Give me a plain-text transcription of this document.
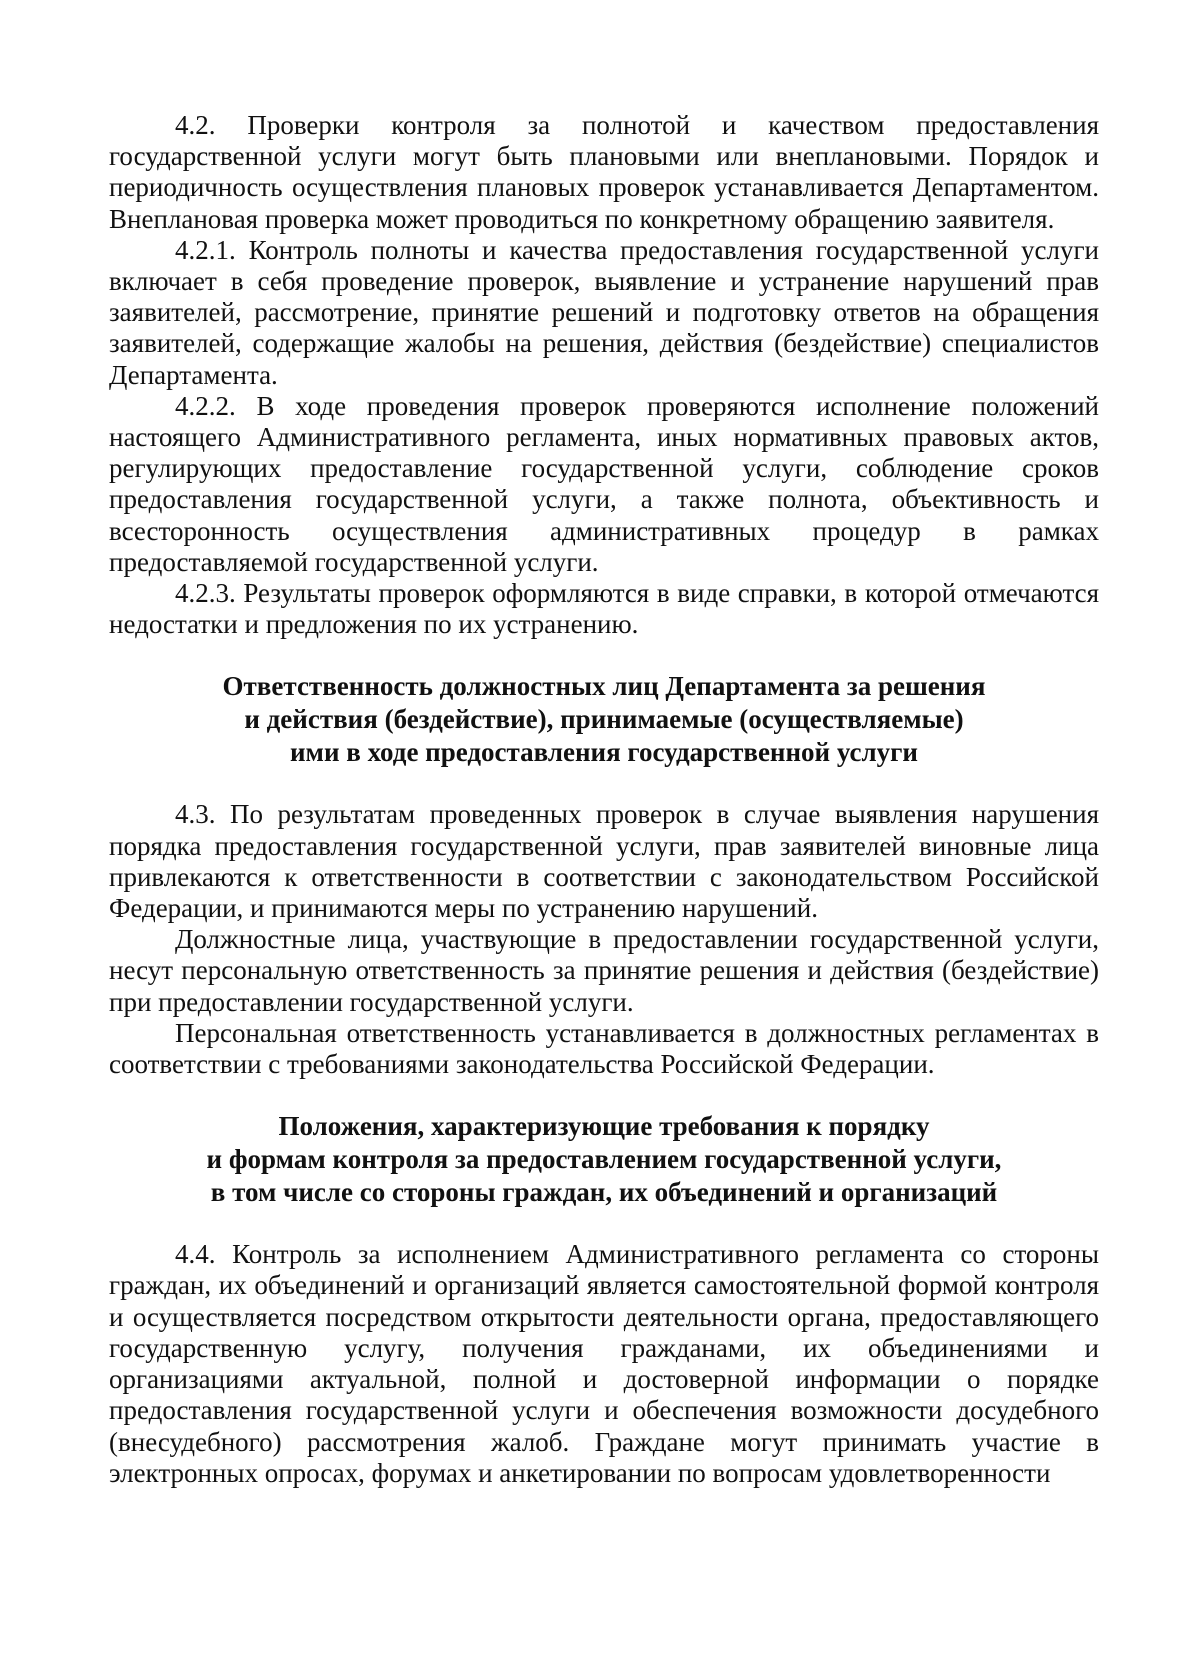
4.2. Проверки контроля за полнотой и качеством предоставления государственной услуги могут быть плановыми или внеплановыми. Порядок и периодичность осуществления плановых проверок устанавливается Департаментом. Внеплановая проверка может проводиться по конкретному обращению заявителя.

4.2.1. Контроль полноты и качества предоставления государственной услуги включает в себя проведение проверок, выявление и устранение нарушений прав заявителей, рассмотрение, принятие решений и подготовку ответов на обращения заявителей, содержащие жалобы на решения, действия (бездействие) специалистов Департамента.

4.2.2. В ходе проведения проверок проверяются исполнение положений настоящего Административного регламента, иных нормативных правовых актов, регулирующих предоставление государственной услуги, соблюдение сроков предоставления государственной услуги, а также полнота, объективность и всесторонность осуществления административных процедур в рамках предоставляемой государственной услуги.

4.2.3. Результаты проверок оформляются в виде справки, в которой отмечаются недостатки и предложения по их устранению.

Ответственность должностных лиц Департамента за решения
и действия (бездействие), принимаемые (осуществляемые)
ими в ходе предоставления государственной услуги

4.3. По результатам проведенных проверок в случае выявления нарушения порядка предоставления государственной услуги, прав заявителей виновные лица привлекаются к ответственности в соответствии с законодательством Российской Федерации, и принимаются меры по устранению нарушений.

Должностные лица, участвующие в предоставлении государственной услуги, несут персональную ответственность за принятие решения и действия (бездействие) при предоставлении государственной услуги.

Персональная ответственность устанавливается в должностных регламентах в соответствии с требованиями законодательства Российской Федерации.

Положения, характеризующие требования к порядку
и формам контроля за предоставлением государственной услуги,
в том числе со стороны граждан, их объединений и организаций

4.4. Контроль за исполнением Административного регламента со стороны граждан, их объединений и организаций является самостоятельной формой контроля и осуществляется посредством открытости деятельности органа, предоставляющего государственную услугу, получения гражданами, их объединениями и организациями актуальной, полной и достоверной информации о порядке предоставления государственной услуги и обеспечения возможности досудебного (внесудебного) рассмотрения жалоб. Граждане могут принимать участие в электронных опросах, форумах и анкетировании по вопросам удовлетворенности
